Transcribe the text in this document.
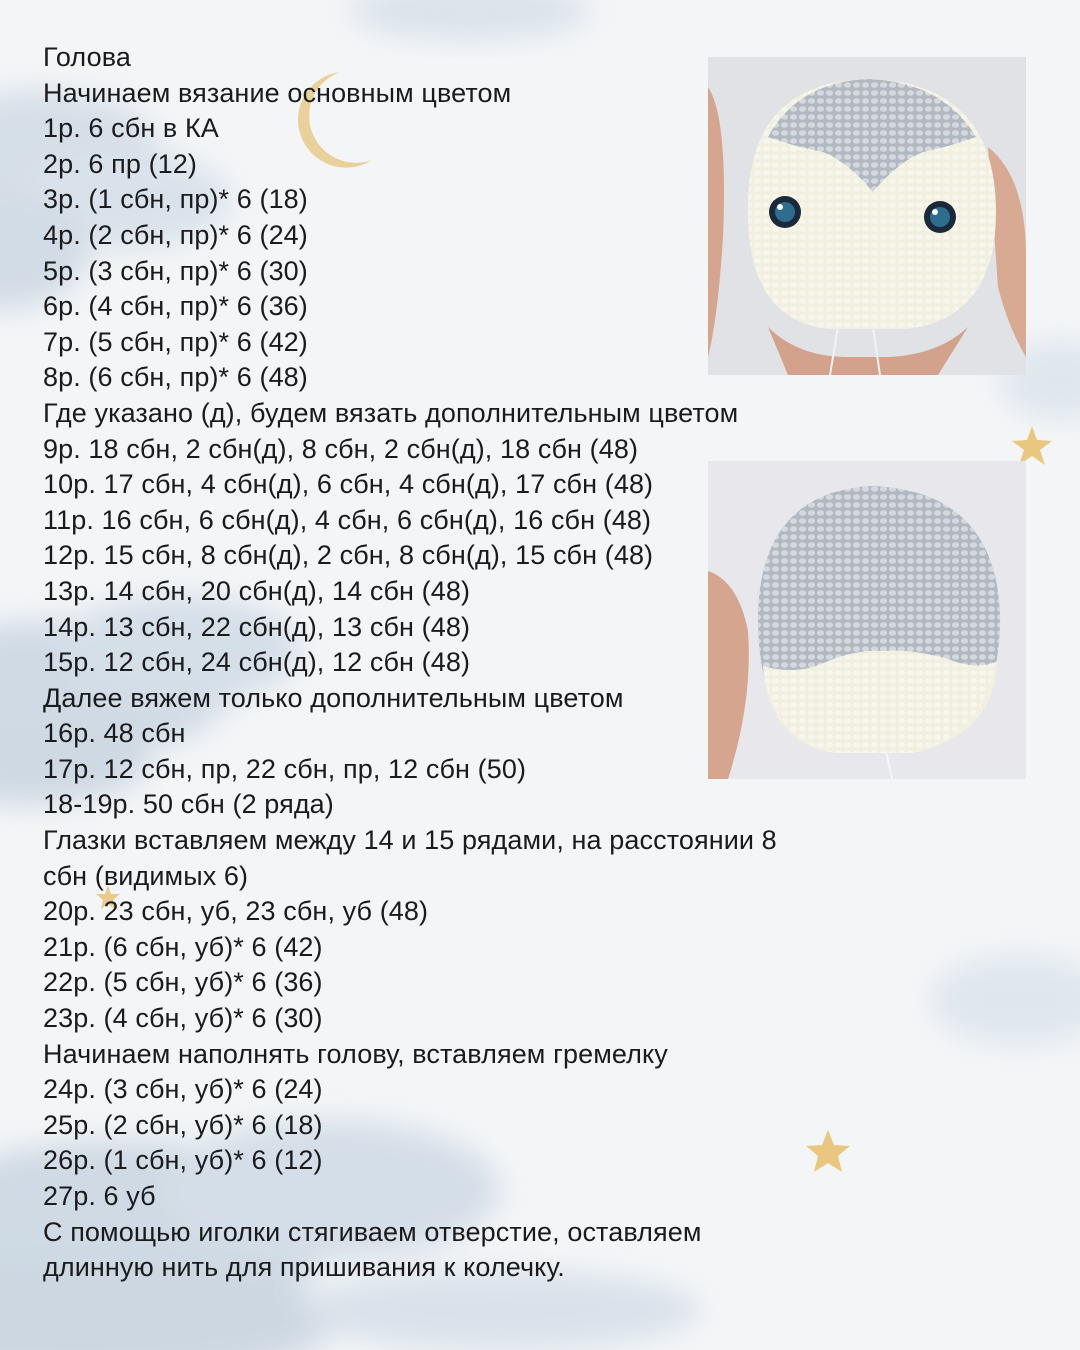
Голова
Начинаем вязание основным цветом
1р. 6 сбн в КА
2р. 6 пр (12)
3р. (1 сбн, пр)* 6 (18)
4р. (2 сбн, пр)* 6 (24)
5р. (3 сбн, пр)* 6 (30)
6р. (4 сбн, пр)* 6 (36)
7р. (5 сбн, пр)* 6 (42)
8р. (6 сбн, пр)* 6 (48)
Где указано (д), будем вязать дополнительным цветом
9р. 18 сбн, 2 сбн(д), 8 сбн, 2 сбн(д), 18 сбн (48)
10р. 17 сбн, 4 сбн(д), 6 сбн, 4 сбн(д), 17 сбн (48)
11р. 16 сбн, 6 сбн(д), 4 сбн, 6 сбн(д), 16 сбн (48)
12р. 15 сбн, 8 сбн(д), 2 сбн, 8 сбн(д), 15 сбн (48)
13р. 14 сбн, 20 сбн(д), 14 сбн (48)
14р. 13 сбн, 22 сбн(д), 13 сбн (48)
15р. 12 сбн, 24 сбн(д), 12 сбн (48)
Далее вяжем только дополнительным цветом
16р. 48 сбн
17р. 12 сбн, пр, 22 сбн, пр, 12 сбн (50)
18-19р. 50 сбн (2 ряда)
Глазки вставляем между 14 и 15 рядами, на расстоянии 8
сбн (видимых 6)
20р. 23 сбн, уб, 23 сбн, уб (48)
21р. (6 сбн, уб)* 6 (42)
22р. (5 сбн, уб)* 6 (36)
23р. (4 сбн, уб)* 6 (30)
Начинаем наполнять голову, вставляем гремелку
24р. (3 сбн, уб)* 6 (24)
25р. (2 сбн, уб)* 6 (18)
26р. (1 сбн, уб)* 6 (12)
27р. 6 уб
С помощью иголки стягиваем отверстие, оставляем
длинную нить для пришивания к колечку.
